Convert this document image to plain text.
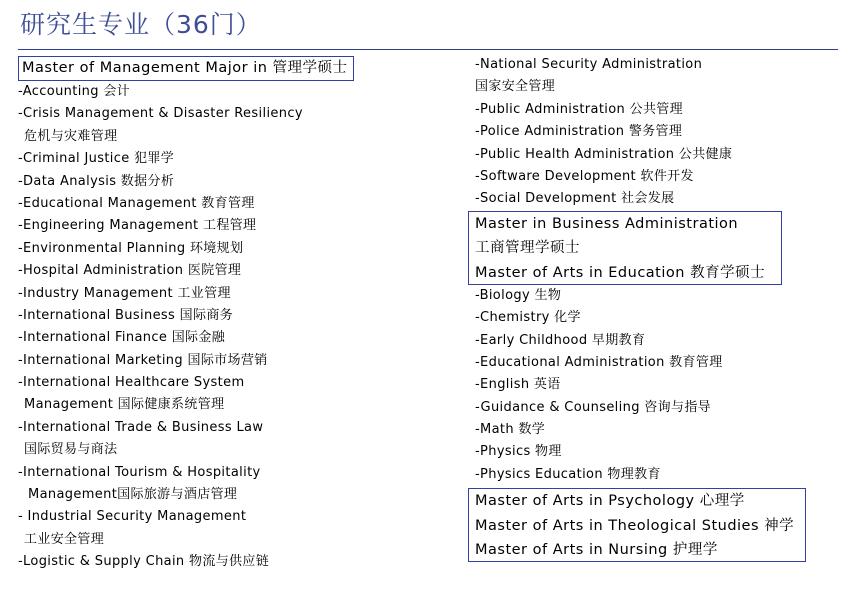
研究生专业（36门）
Master of Management Major in 管理学硕士
-Accounting 会计
-Crisis Management & Disaster Resiliency
危机与灾难管理
-Criminal Justice 犯罪学
-Data Analysis 数据分析
-Educational Management 教育管理
-Engineering Management 工程管理
-Environmental Planning 环境规划
-Hospital Administration 医院管理
-Industry Management 工业管理
-International Business 国际商务
-International Finance 国际金融
-International Marketing 国际市场营销
-International Healthcare System
Management 国际健康系统管理
-International Trade & Business Law
国际贸易与商法
-International Tourism & Hospitality
Management国际旅游与酒店管理
- Industrial Security Management
工业安全管理
-Logistic & Supply Chain 物流与供应链
-National Security Administration
国家安全管理
-Public Administration 公共管理
-Police Administration 警务管理
-Public Health Administration 公共健康
-Software Development 软件开发
-Social Development 社会发展
Master in Business Administration
工商管理学硕士
Master of Arts in Education 教育学硕士
-Biology 生物
-Chemistry 化学
-Early Childhood 早期教育
-Educational Administration 教育管理
-English 英语
-Guidance & Counseling 咨询与指导
-Math 数学
-Physics 物理
-Physics Education 物理教育
Master of Arts in Psychology 心理学
Master of Arts in Theological Studies 神学
Master of Arts in Nursing 护理学
